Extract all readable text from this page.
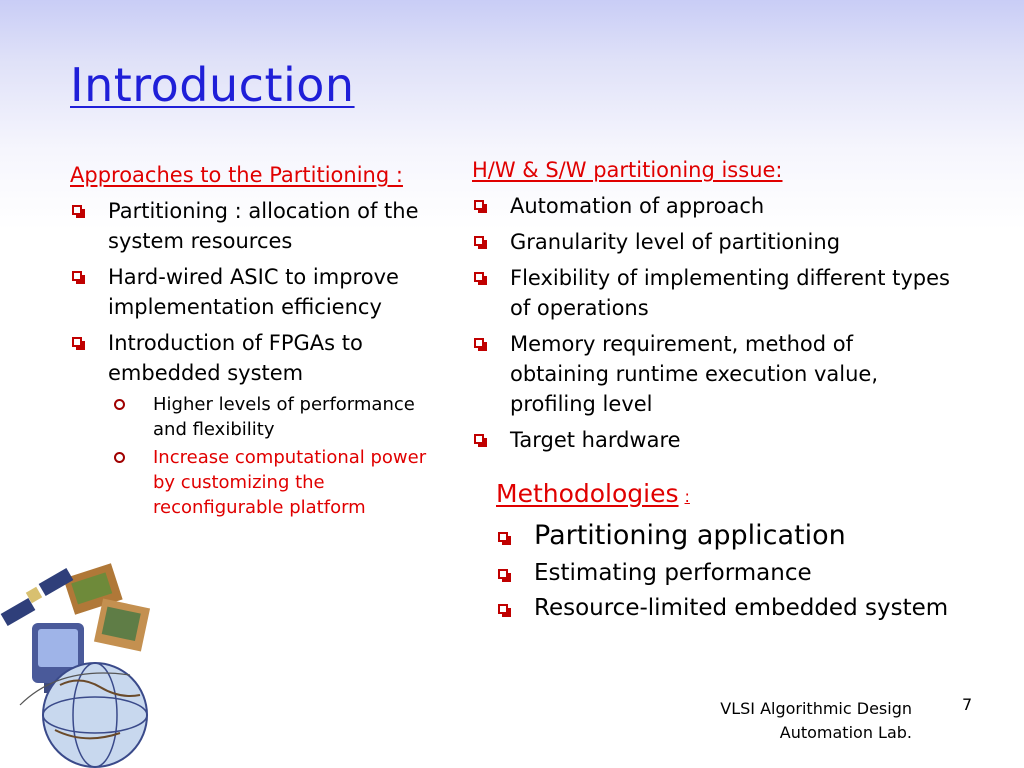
Introduction
Approaches to the Partitioning :
Partitioning : allocation of the system resources
Hard-wired ASIC to improve implementation efficiency
Introduction of FPGAs to embedded system
Higher levels of performance and flexibility
Increase computational power by customizing the reconfigurable platform
H/W & S/W partitioning issue:
Automation of approach
Granularity level of partitioning
Flexibility of implementing different types of operations
Memory requirement, method of obtaining runtime execution value, profiling level
Target hardware
Methodologies :
Partitioning application
Estimating performance
Resource-limited embedded system
VLSI Algorithmic Design
Automation Lab.
7
